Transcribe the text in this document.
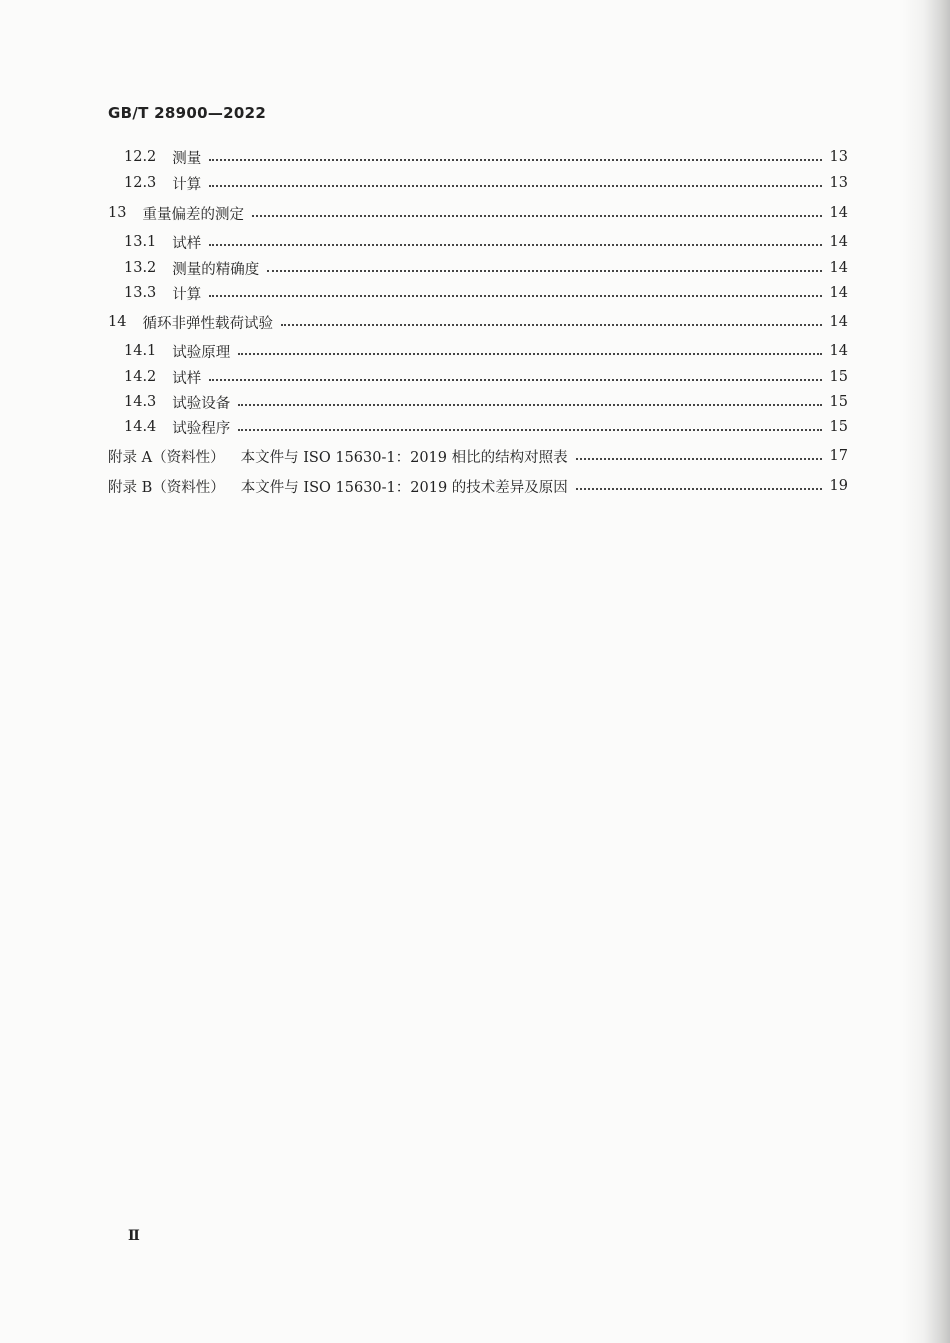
GB/T 28900—2022
12.2 测量	13
12.3 计算	13
13 重量偏差的测定	14
13.1 试样	14
13.2 测量的精确度	14
13.3 计算	14
14 循环非弹性载荷试验	14
14.1 试验原理	14
14.2 试样	15
14.3 试验设备	15
14.4 试验程序	15
附录 A（资料性） 本文件与 ISO 15630-1：2019 相比的结构对照表	17
附录 B（资料性） 本文件与 ISO 15630-1：2019 的技术差异及原因	19
Ⅱ
